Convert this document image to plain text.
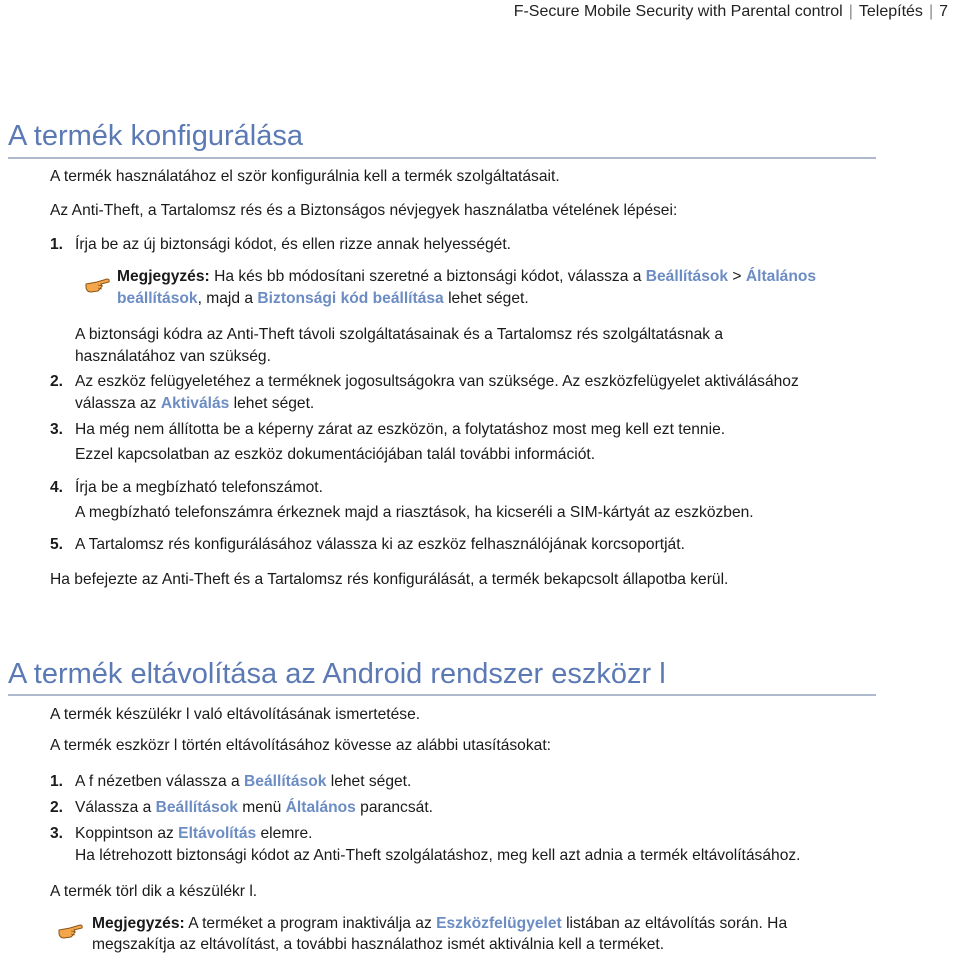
F-Secure Mobile Security with Parental control | Telepítés | 7
A termék konfigurálása
A termék használatához el ször konfigurálnia kell a termék szolgáltatásait.
Az Anti-Theft, a Tartalomsz rés és a Biztonságos névjegyek használatba vételének lépései:
1. Írja be az új biztonsági kódot, és ellen rizze annak helyességét.
Megjegyzés: Ha kés bb módosítani szeretné a biztonsági kódot, válassza a Beállítások > Általános
beállítások, majd a Biztonsági kód beállítása lehet séget.
A biztonsági kódra az Anti-Theft távoli szolgáltatásainak és a Tartalomsz rés szolgáltatásnak a
használatához van szükség.
2. Az eszköz felügyeletéhez a terméknek jogosultságokra van szüksége. Az eszközfelügyelet aktiválásához
válassza az Aktiválás lehet séget.
3. Ha még nem állította be a képerny zárat az eszközön, a folytatáshoz most meg kell ezt tennie.
Ezzel kapcsolatban az eszköz dokumentációjában talál további információt.
4. Írja be a megbízható telefonszámot.
A megbízható telefonszámra érkeznek majd a riasztások, ha kicseréli a SIM-kártyát az eszközben.
5. A Tartalomsz rés konfigurálásához válassza ki az eszköz felhasználójának korcsoportját.
Ha befejezte az Anti-Theft és a Tartalomsz rés konfigurálását, a termék bekapcsolt állapotba kerül.
A termék eltávolítása az Android rendszer eszközr l
A termék készülékr l való eltávolításának ismertetése.
A termék eszközr l történ eltávolításához kövesse az alábbi utasításokat:
1. A f nézetben válassza a Beállítások lehet séget.
2. Válassza a Beállítások menü Általános parancsát.
3. Koppintson az Eltávolítás elemre.
Ha létrehozott biztonsági kódot az Anti-Theft szolgálatáshoz, meg kell azt adnia a termék eltávolításához.
A termék törl dik a készülékr l.
Megjegyzés: A terméket a program inaktiválja az Eszközfelügyelet listában az eltávolítás során. Ha
megszakítja az eltávolítást, a további használathoz ismét aktiválnia kell a terméket.
